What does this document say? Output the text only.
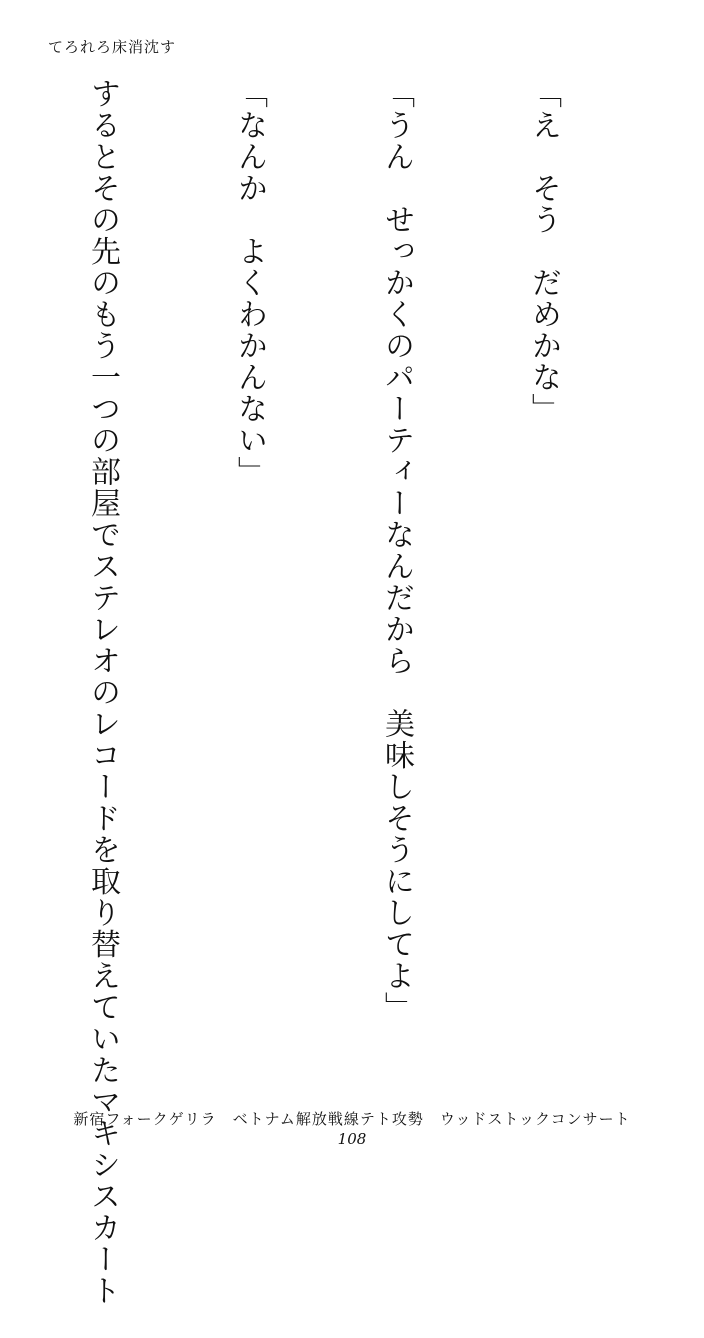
てろれろ床消沈す

「え　そう　だめかな」

「うん　せっかくのパーティーなんだから　美味しそうにしてよ」

「なんか　よくわかんない」

するとその先のもう一つの部屋でステレオのレコードを取り替えていたマキシスカート

新宿フォークゲリラ　ベトナム解放戦線テト攻勢　ウッドストックコンサート
108
